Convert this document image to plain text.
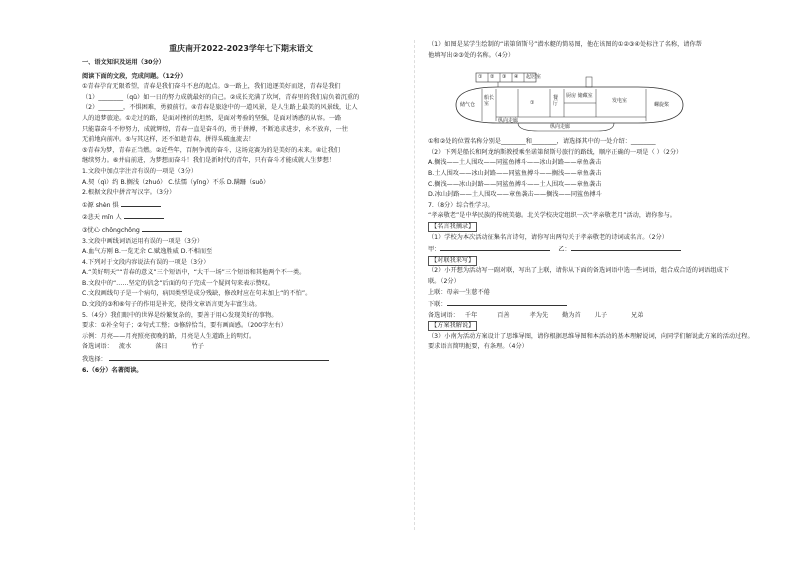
重庆南开2022-2023学年七下期末语文
一、语文知识及运用（30分）
阅读下面的文段，完成问题。（12分）
①青春孕育无限希望，青春是我们奋斗不息的起点。③一路上，我们追逐美好而迷，青春是我们
（1）________（qǔ）如一日的努力成就最好的自己。②成长充满了坎坷，青春里的我们肩负着沉重的
（2）________，不惧困难，勇毅前行。④青春是旅途中的一道风景，是人生路上最美的风景线，让人
人的追梦旅途。①走过的路，是面对挫折的坦然，是面对考验的坚强，是面对诱惑的从容。一路
只能靠奋斗不停努力，成就辉煌，青春一直是奋斗的，勇于拼搏，不断追求进步，永不放弃，一往
无前地向前冲。⑤与其这样，还不如趁青春，拼得头破血流去！
⑤青春为梦，青春正当燃。②近些年，百舸争流的奋斗，这场竞赛为的是美好的未来。④让我们
继续努力。⑥并肩前进，为梦想而奋斗！我们是新时代的青年，只有奋斗才能成就人生梦想！
1.文段中加点字注音有误的一项是（3分）
A.契（qì）约 B.搁浅（zhuó） C.怯懦（yǐng）不乐 D.蹒跚（suǒ）
2.根据文段中拼音写汉字。（3分）
①源 shèn 惧
②悲天 mǐn 人
③忧心 chōngchōng
3.文段中画线词语运用有误的一项是（3分）
A.血气方刚 B.一览无余 C.赋逸胜威 D.不相而至
4.下列对于文段内容说法有误的一项是（3分）
A.“美好明天”“青春的意义”三个短语中，“大干一场”三个短语和其他两个不一类。
B.文段中的“……坚定的信念”后面的句子完成一个疑问句来表示赞叹。
C.文段画线句子是一个病句，病因类型是成分残缺，修改时应在句末加上“的不怕”。
D.文段的③和⑥句子的作用是补充，使得文章语言更为丰富生动。
5.（4分）我们眼中的世界是纷繁复杂的，要善于用心发现美好的事物。
要求：①补全句子；②句式工整；③修辞恰当，要有画面感。（200字左右）
示例：月亮——月亮照亮夜晚的路，月亮是人生道路上的明灯。
备选词语： 流水	落日	竹子
我选择：
6.（6分）名著阅读。
（1）如图是某学生绘制的“诺第留斯号”潜水艇的简易图，他在该图的①②③④处标注了名称，请你帮
他填写出②③处的名称。（4分）
① ② ③ ④ 起居室
储气仓
船长室	①
餐厅
厨房 储藏室
发电室
螺旋桨
纵向走廊
纵向走廊
①和②处的位置名称分别是________和________，请选择其中的一处介绍：________
（2）下列是船长和阿龙纳斯教授乘坐诺第留斯号旅行的路线，顺序正确的一项是（ ）（2分）
A.搁浅——土人围攻——同鲨鱼搏斗——冰山封路——章鱼袭击
B.土人围攻——冰山封路——同鲨鱼搏斗——搁浅——章鱼袭击
C.搁浅——冰山封路——同鲨鱼搏斗——土人围攻——章鱼袭击
D.冰山封路——土人围攻——章鱼袭击——搁浅——同鲨鱼搏斗
7.（8分）综合性学习。
“孝亲敬老”是中华民族的传统美德。北关学校决定组织一次“孝亲敬老月”活动，请你参与。
【名言我摘录】
（1）学校为本次活动征集名言诗句，请你写出两句关于孝亲敬老的诗词或名言。（2分）
甲：	乙：
【对联我来写】
（2）小开想为活动写一副对联，写出了上联，请你从下面的备选词语中选一些词语，组合成合适的词语组成下
联。（2分）
上联：母亲一生慈不倦
下联：
备选词语： 千年	百善	孝为先 勤为首 儿子	兄弟
【方案我解说】
（3）小南为活动方案设计了思维导图，请你根据思维导图和本活动的基本理解说词，向同学们解说此方案的活动过程。
要求语言简明扼要，有条理。（4分）
